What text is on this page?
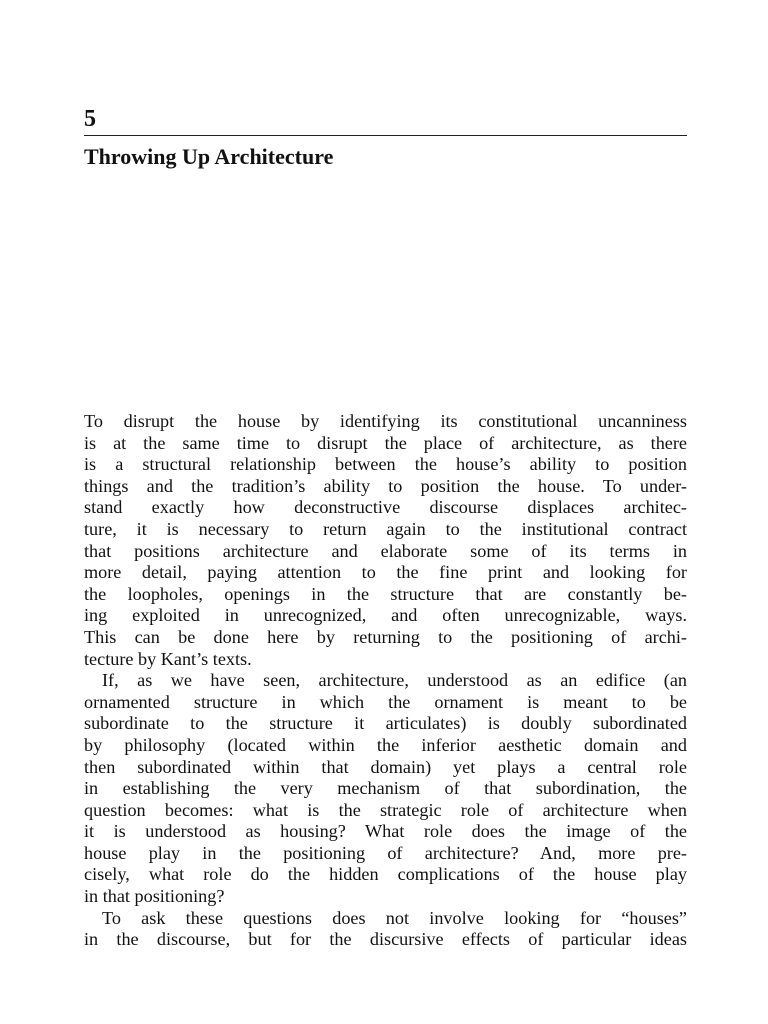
5
Throwing Up Architecture
To disrupt the house by identifying its constitutional uncanniness
is at the same time to disrupt the place of architecture, as there
is a structural relationship between the house’s ability to position
things and the tradition’s ability to position the house. To under-
stand exactly how deconstructive discourse displaces architec-
ture, it is necessary to return again to the institutional contract
that positions architecture and elaborate some of its terms in
more detail, paying attention to the fine print and looking for
the loopholes, openings in the structure that are constantly be-
ing exploited in unrecognized, and often unrecognizable, ways.
This can be done here by returning to the positioning of archi-
tecture by Kant’s texts.
If, as we have seen, architecture, understood as an edifice (an
ornamented structure in which the ornament is meant to be
subordinate to the structure it articulates) is doubly subordinated
by philosophy (located within the inferior aesthetic domain and
then subordinated within that domain) yet plays a central role
in establishing the very mechanism of that subordination, the
question becomes: what is the strategic role of architecture when
it is understood as housing? What role does the image of the
house play in the positioning of architecture? And, more pre-
cisely, what role do the hidden complications of the house play
in that positioning?
To ask these questions does not involve looking for “houses”
in the discourse, but for the discursive effects of particular ideas
